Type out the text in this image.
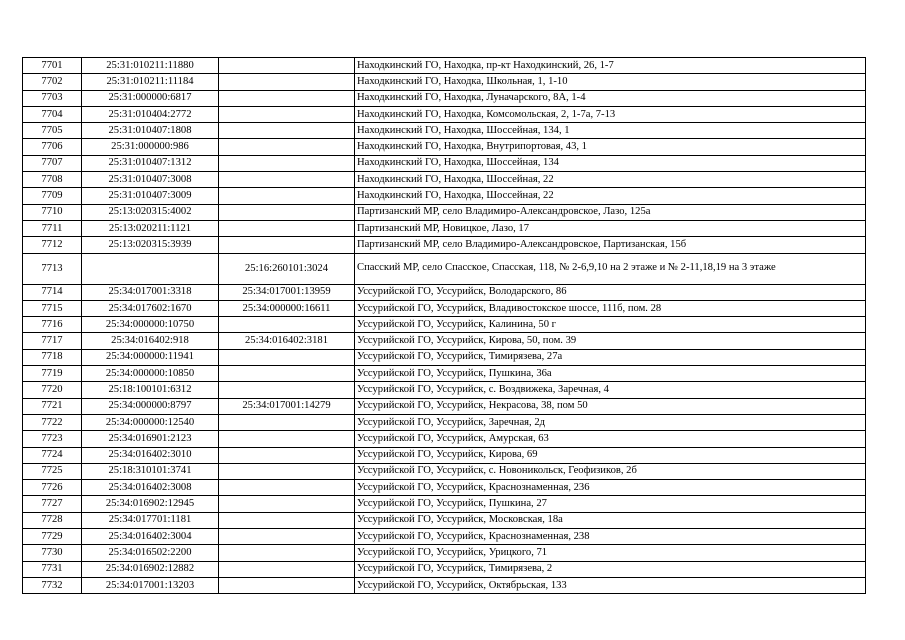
7701	25:31:010211:11880		Находкинский ГО, Находка, пр-кт Находкинский, 26, 1-7
7702	25:31:010211:11184		Находкинский ГО, Находка, Школьная, 1, 1-10
7703	25:31:000000:6817		Находкинский ГО, Находка, Луначарского, 8А, 1-4
7704	25:31:010404:2772		Находкинский ГО, Находка, Комсомольская, 2, 1-7а, 7-13
7705	25:31:010407:1808		Находкинский ГО, Находка, Шоссейная, 134, 1
7706	25:31:000000:986		Находкинский ГО, Находка, Внутрипортовая, 43, 1
7707	25:31:010407:1312		Находкинский ГО, Находка, Шоссейная, 134
7708	25:31:010407:3008		Находкинский ГО, Находка, Шоссейная, 22
7709	25:31:010407:3009		Находкинский ГО, Находка, Шоссейная, 22
7710	25:13:020315:4002		Партизанский МР, село Владимиро-Александровское, Лазо, 125а
7711	25:13:020211:1121		Партизанский МР, Новицкое, Лазо, 17
7712	25:13:020315:3939		Партизанский МР, село Владимиро-Александровское, Партизанская, 15б
7713		25:16:260101:3024	Спасский МР, село Спасское, Спасская, 118, № 2-6,9,10 на 2 этаже и № 2-11,18,19 на 3 этаже
7714	25:34:017001:3318	25:34:017001:13959	Уссурийской ГО, Уссурийск, Володарского, 86
7715	25:34:017602:1670	25:34:000000:16611	Уссурийской ГО, Уссурийск, Владивостокское шоссе, 111б, пом. 28
7716	25:34:000000:10750		Уссурийской ГО, Уссурийск, Калинина, 50 г
7717	25:34:016402:918	25:34:016402:3181	Уссурийской ГО, Уссурийск, Кирова, 50, пом. 39
7718	25:34:000000:11941		Уссурийской ГО, Уссурийск, Тимирязева, 27а
7719	25:34:000000:10850		Уссурийской ГО, Уссурийск, Пушкина, 36а
7720	25:18:100101:6312		Уссурийской ГО, Уссурийск, с. Воздвижека, Заречная, 4
7721	25:34:000000:8797	25:34:017001:14279	Уссурийской ГО, Уссурийск, Некрасова, 38, пом 50
7722	25:34:000000:12540		Уссурийской ГО, Уссурийск, Заречная, 2д
7723	25:34:016901:2123		Уссурийской ГО, Уссурийск, Амурская, 63
7724	25:34:016402:3010		Уссурийской ГО, Уссурийск, Кирова, 69
7725	25:18:310101:3741		Уссурийской ГО, Уссурийск, с. Новоникольск, Геофизиков, 2б
7726	25:34:016402:3008		Уссурийской ГО, Уссурийск, Краснознаменная, 236
7727	25:34:016902:12945		Уссурийской ГО, Уссурийск, Пушкина, 27
7728	25:34:017701:1181		Уссурийской ГО, Уссурийск, Московская, 18а
7729	25:34:016402:3004		Уссурийской ГО, Уссурийск, Краснознаменная, 238
7730	25:34:016502:2200		Уссурийской ГО, Уссурийск, Урицкого, 71
7731	25:34:016902:12882		Уссурийской ГО, Уссурийск, Тимирязева, 2
7732	25:34:017001:13203		Уссурийской ГО, Уссурийск, Октябрьская, 133
